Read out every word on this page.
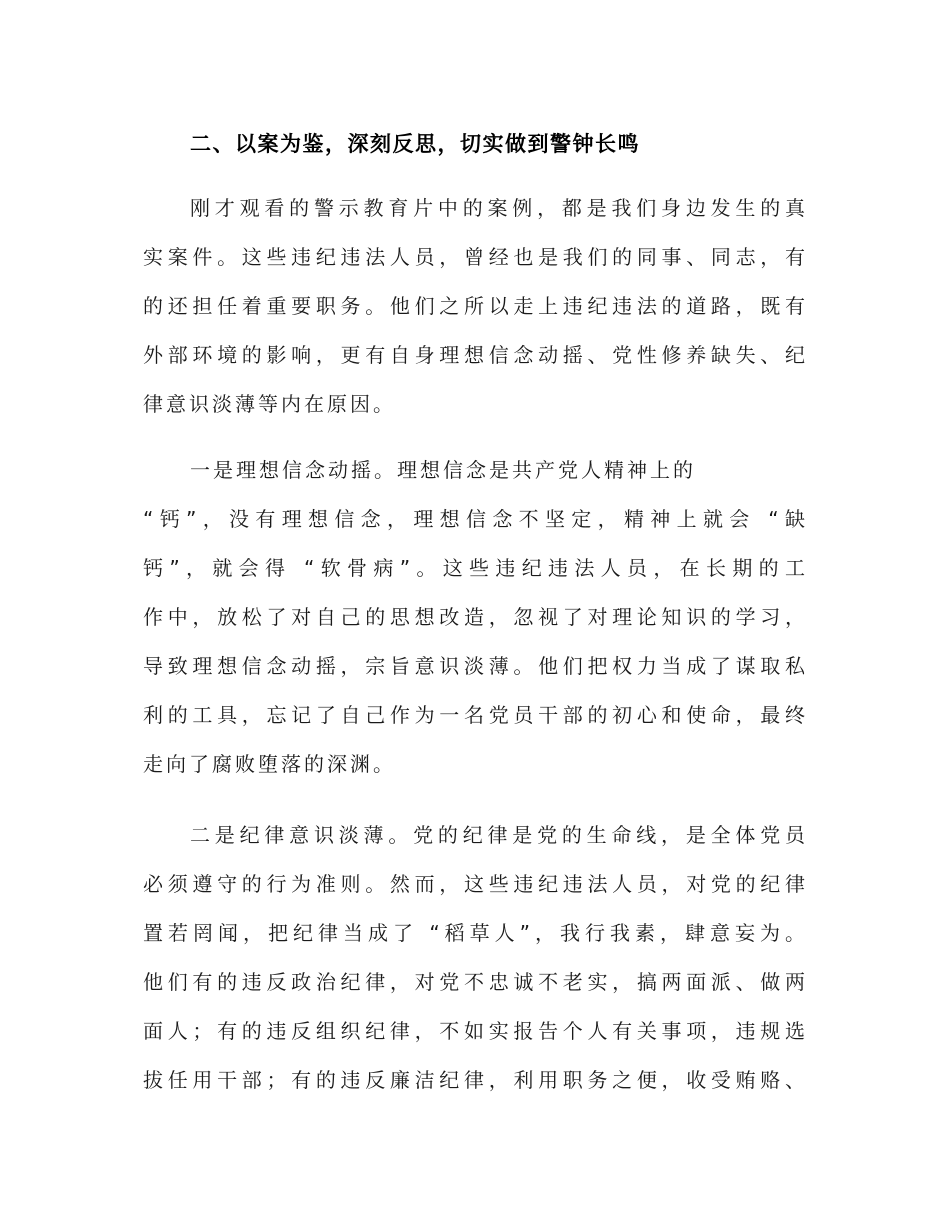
二、以案为鉴，深刻反思，切实做到警钟长鸣
刚才观看的警示教育片中的案例，都是我们身边发生的真
实案件。这些违纪违法人员，曾经也是我们的同事、同志，有
的还担任着重要职务。他们之所以走上违纪违法的道路，既有
外部环境的影响，更有自身理想信念动摇、党性修养缺失、纪
律意识淡薄等内在原因。
一是理想信念动摇。理想信念是共产党人精神上的
“钙”，没有理想信念，理想信念不坚定，精神上就会 “缺
钙”，就会得 “软骨病”。这些违纪违法人员，在长期的工
作中，放松了对自己的思想改造，忽视了对理论知识的学习，
导致理想信念动摇，宗旨意识淡薄。他们把权力当成了谋取私
利的工具，忘记了自己作为一名党员干部的初心和使命，最终
走向了腐败堕落的深渊。
二是纪律意识淡薄。党的纪律是党的生命线，是全体党员
必须遵守的行为准则。然而，这些违纪违法人员，对党的纪律
置若罔闻，把纪律当成了 “稻草人”，我行我素，肆意妄为。
他们有的违反政治纪律，对党不忠诚不老实，搞两面派、做两
面人；有的违反组织纪律，不如实报告个人有关事项，违规选
拔任用干部；有的违反廉洁纪律，利用职务之便，收受贿赂、
